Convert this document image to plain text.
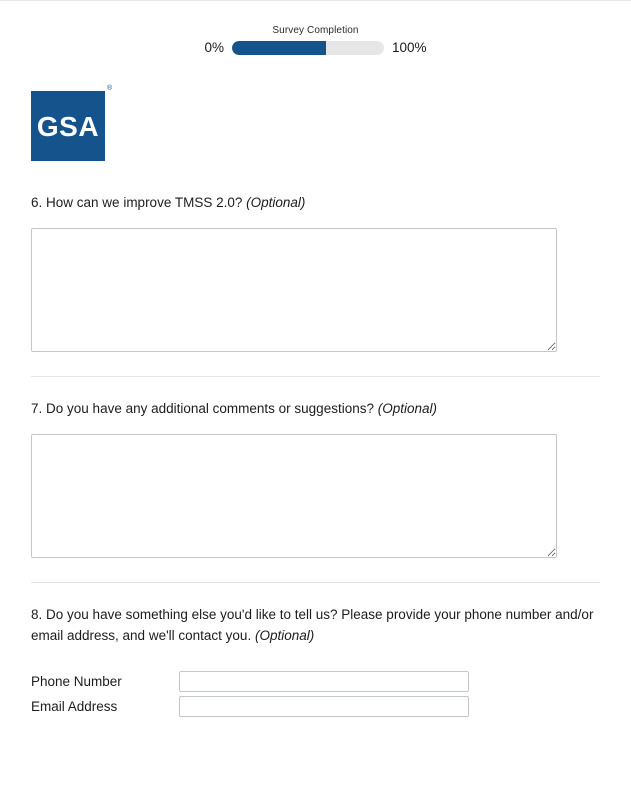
Survey Completion
0%	100%
GSA
®
6. How can we improve TMSS 2.0? (Optional)
7. Do you have any additional comments or suggestions? (Optional)
8. Do you have something else you'd like to tell us? Please provide your phone number and/or email address, and we'll contact you. (Optional)
Phone Number	
Email Address	
